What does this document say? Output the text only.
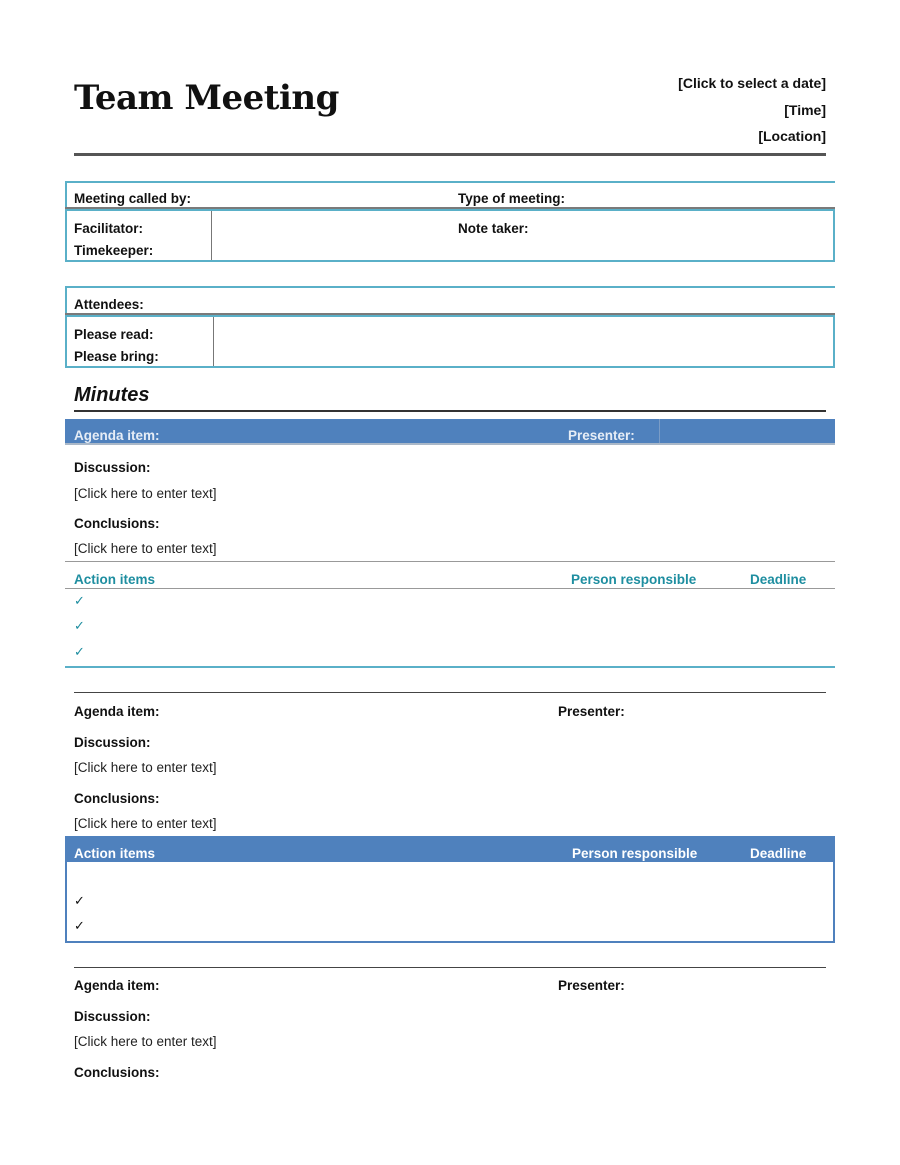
Team Meeting	[Click to select a date]
[Time]
[Location]
Meeting called by:	Type of meeting:
Facilitator:	Note taker:
Timekeeper:
Attendees:
Please read:
Please bring:
Minutes
Agenda item:	Presenter:
Discussion:
[Click here to enter text]
Conclusions:
[Click here to enter text]
Action items	Person responsible	Deadline
✓
✓
✓
Agenda item:	Presenter:
Discussion:
[Click here to enter text]
Conclusions:
[Click here to enter text]
Action items	Person responsible	Deadline
✓
✓
Agenda item:	Presenter:
Discussion:
[Click here to enter text]
Conclusions:
